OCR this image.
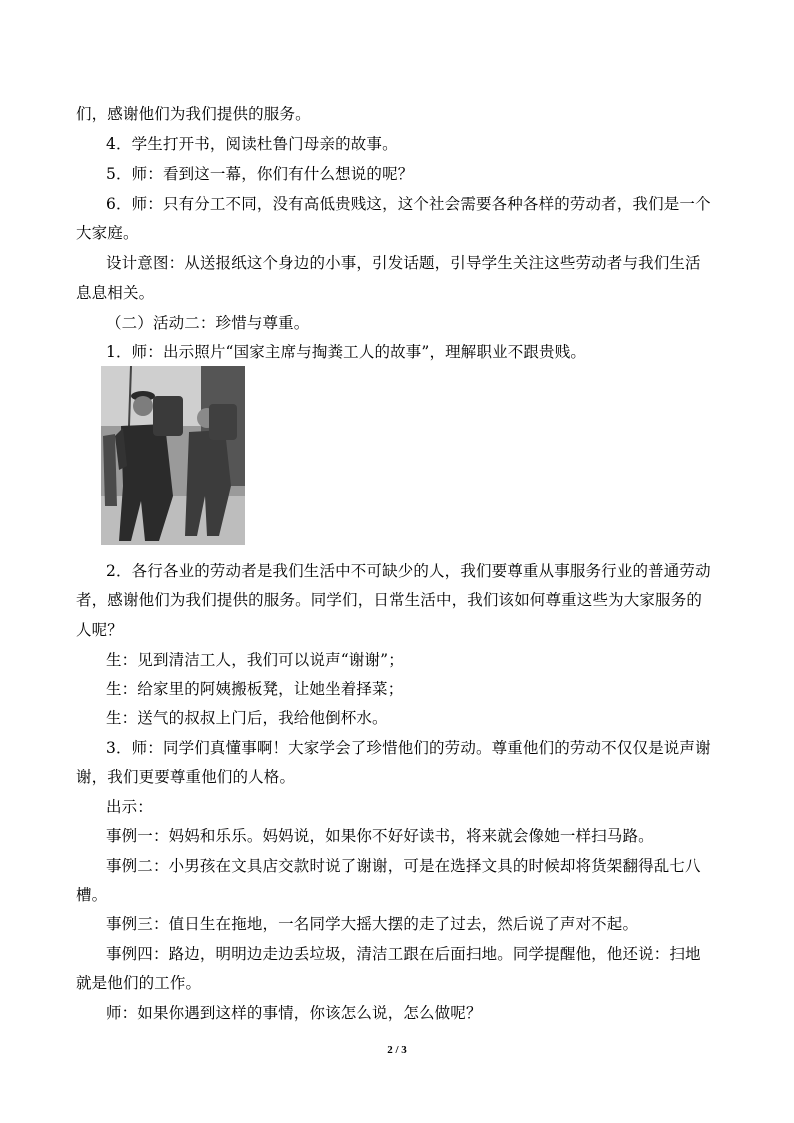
们，感谢他们为我们提供的服务。
4．学生打开书，阅读杜鲁门母亲的故事。
5．师：看到这一幕，你们有什么想说的呢？
6．师：只有分工不同，没有高低贵贱这，这个社会需要各种各样的劳动者，我们是一个
大家庭。
设计意图：从送报纸这个身边的小事，引发话题，引导学生关注这些劳动者与我们生活
息息相关。
（二）活动二：珍惜与尊重。
1．师：出示照片“国家主席与掏粪工人的故事”，理解职业不跟贵贱。
2．各行各业的劳动者是我们生活中不可缺少的人，我们要尊重从事服务行业的普通劳动
者，感谢他们为我们提供的服务。同学们，日常生活中，我们该如何尊重这些为大家服务的
人呢？
生：见到清洁工人，我们可以说声“谢谢”；
生：给家里的阿姨搬板凳，让她坐着择菜；
生：送气的叔叔上门后，我给他倒杯水。
3．师：同学们真懂事啊！大家学会了珍惜他们的劳动。尊重他们的劳动不仅仅是说声谢
谢，我们更要尊重他们的人格。
出示：
事例一：妈妈和乐乐。妈妈说，如果你不好好读书，将来就会像她一样扫马路。
事例二：小男孩在文具店交款时说了谢谢，可是在选择文具的时候却将货架翻得乱七八
槽。
事例三：值日生在拖地，一名同学大摇大摆的走了过去，然后说了声对不起。
事例四：路边，明明边走边丢垃圾，清洁工跟在后面扫地。同学提醒他，他还说：扫地
就是他们的工作。
师：如果你遇到这样的事情，你该怎么说，怎么做呢？
2 / 3
